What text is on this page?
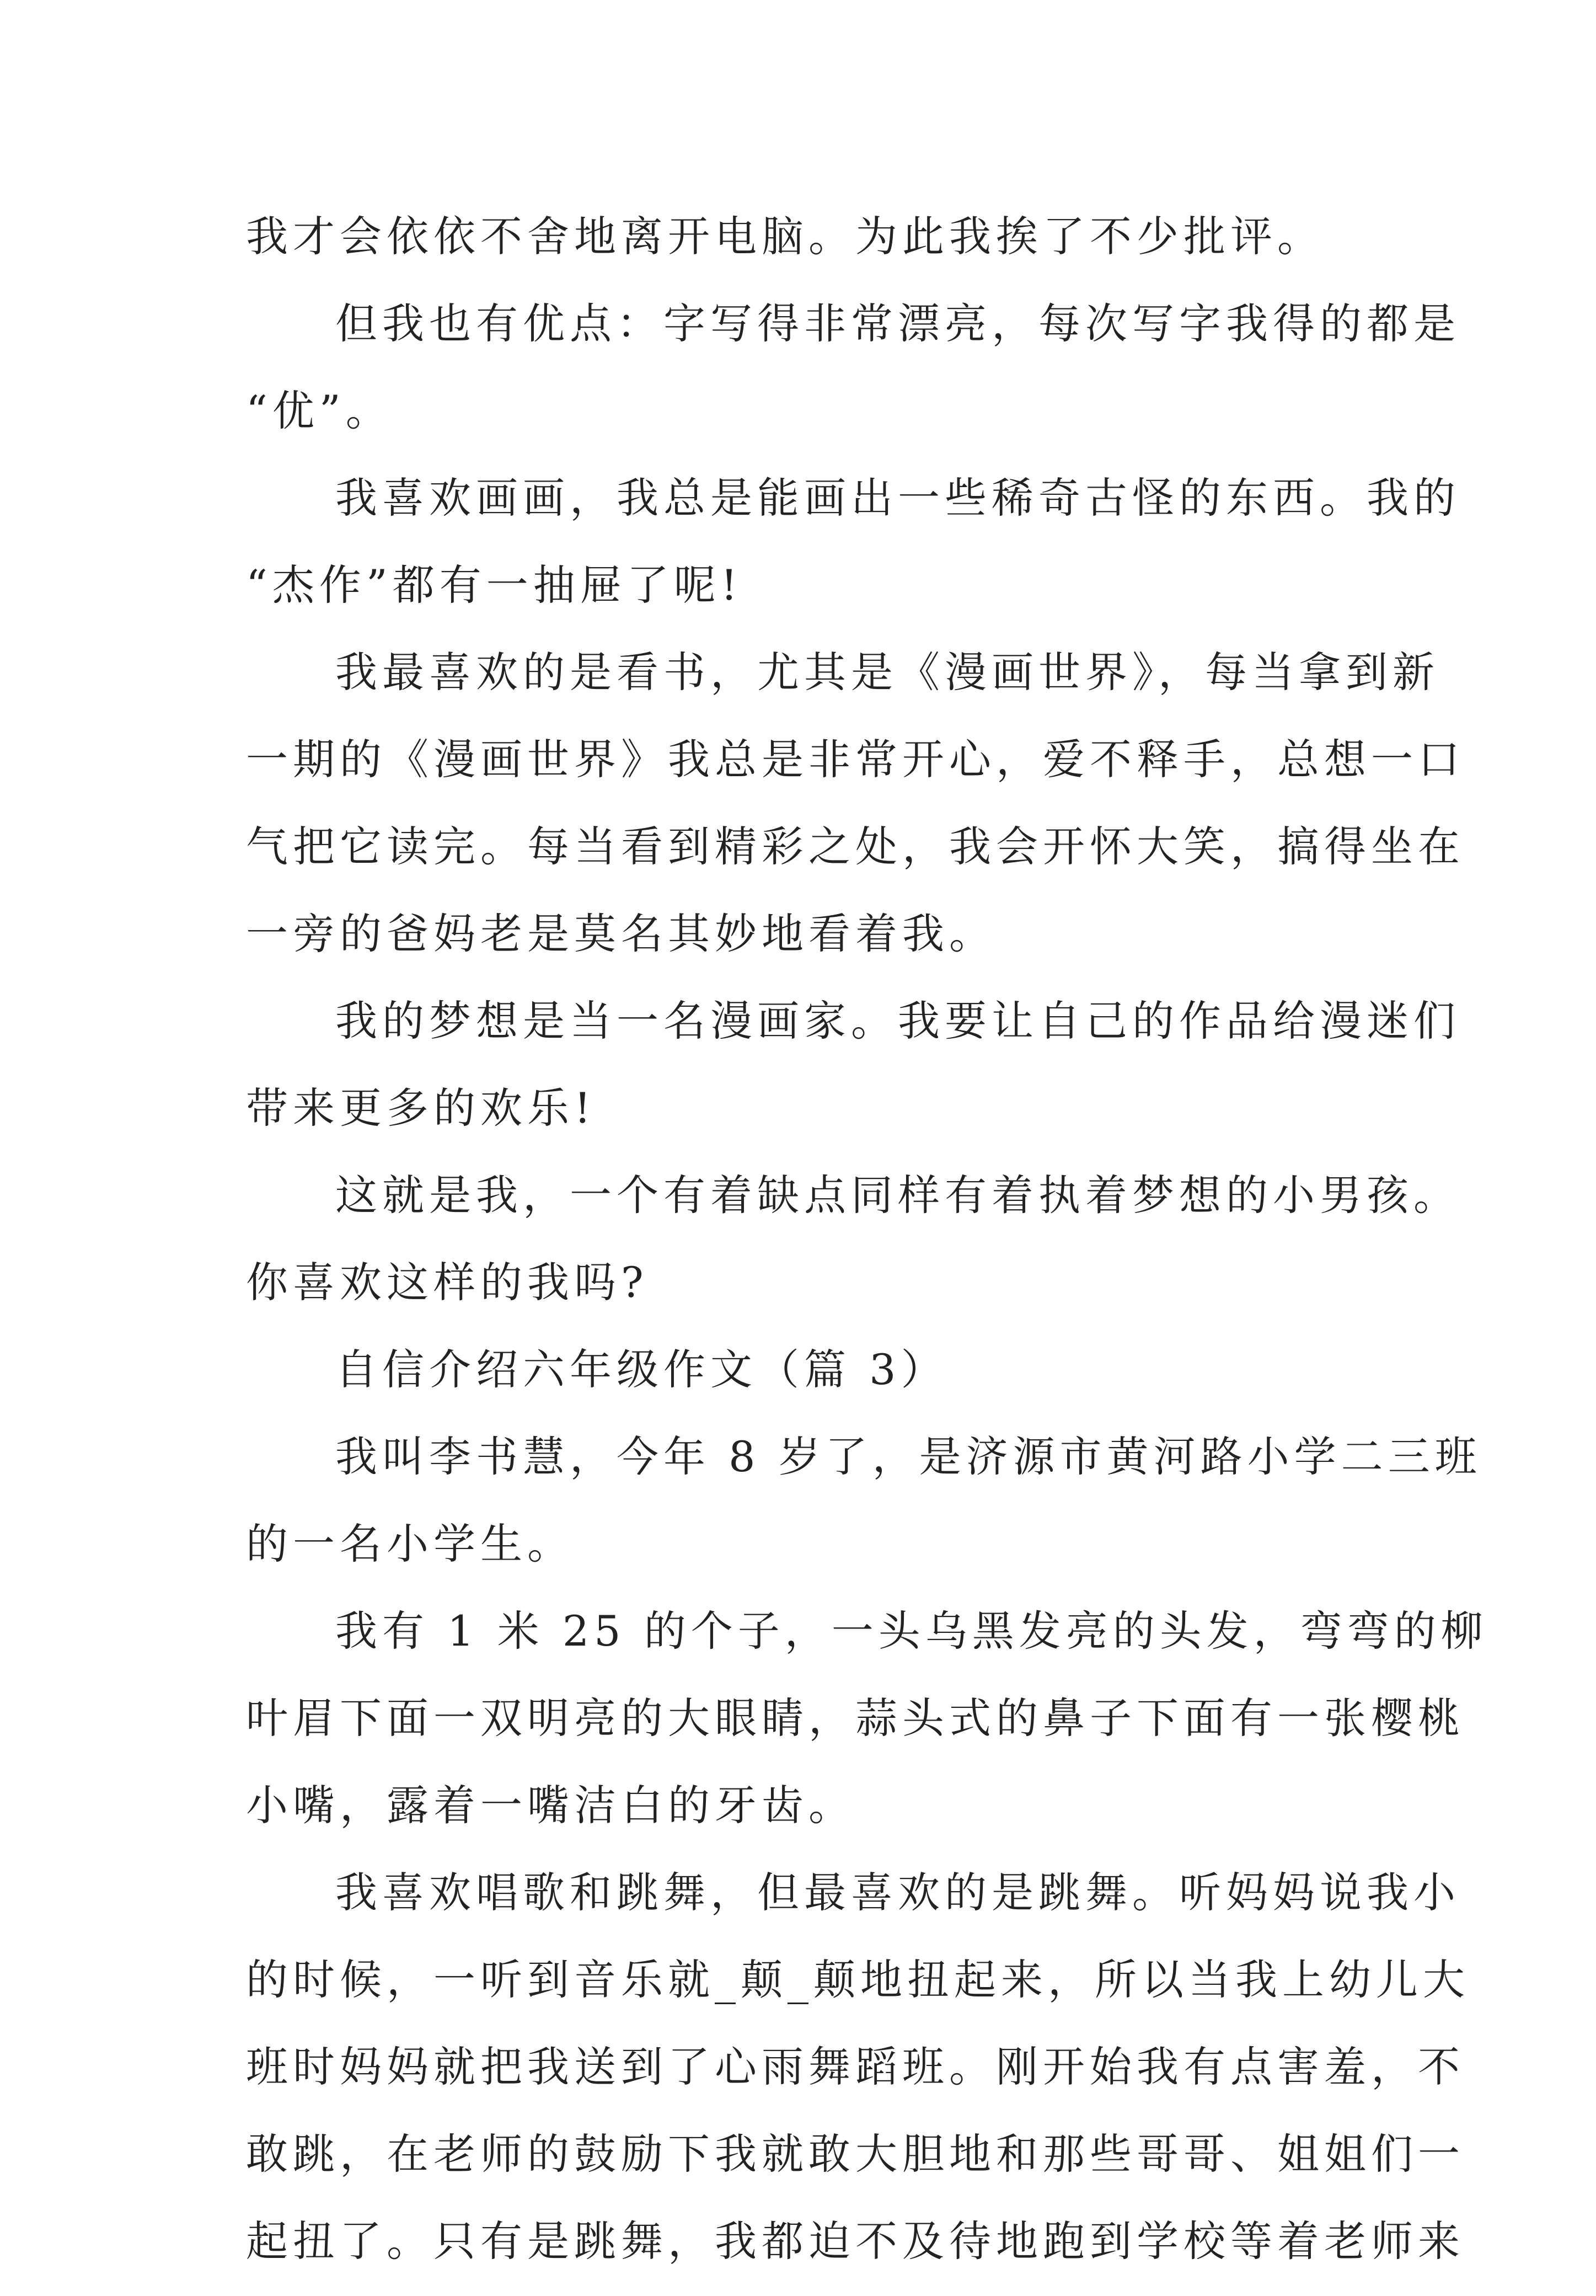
我才会依依不舍地离开电脑。为此我挨了不少批评。
但我也有优点：字写得非常漂亮，每次写字我得的都是
“优”。
我喜欢画画，我总是能画出一些稀奇古怪的东西。我的
“杰作”都有一抽屉了呢!
我最喜欢的是看书，尤其是《漫画世界》，每当拿到新
一期的《漫画世界》我总是非常开心，爱不释手，总想一口
气把它读完。每当看到精彩之处，我会开怀大笑，搞得坐在
一旁的爸妈老是莫名其妙地看着我。
我的梦想是当一名漫画家。我要让自己的作品给漫迷们
带来更多的欢乐!
这就是我，一个有着缺点同样有着执着梦想的小男孩。
你喜欢这样的我吗?
自信介绍六年级作文（篇 3）
我叫李书慧，今年 8 岁了，是济源市黄河路小学二三班
的一名小学生。
我有 1 米 25 的个子，一头乌黑发亮的头发，弯弯的柳
叶眉下面一双明亮的大眼睛，蒜头式的鼻子下面有一张樱桃
小嘴，露着一嘴洁白的牙齿。
我喜欢唱歌和跳舞，但最喜欢的是跳舞。听妈妈说我小
的时候，一听到音乐就_颠_颠地扭起来，所以当我上幼儿大
班时妈妈就把我送到了心雨舞蹈班。刚开始我有点害羞，不
敢跳，在老师的鼓励下我就敢大胆地和那些哥哥、姐姐们一
起扭了。只有是跳舞，我都迫不及待地跑到学校等着老师来
